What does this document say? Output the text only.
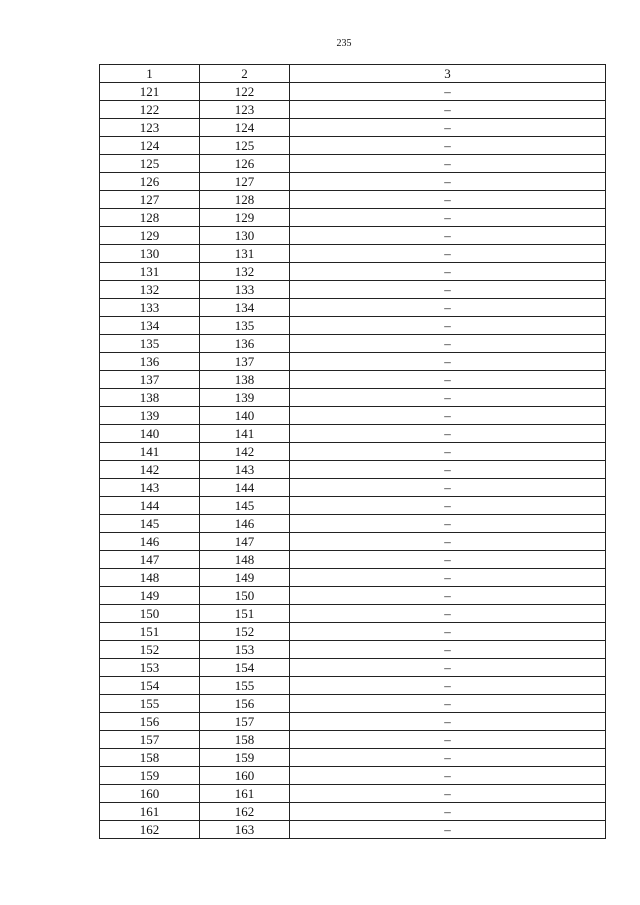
235
1	2	3
121	122	–
122	123	–
123	124	–
124	125	–
125	126	–
126	127	–
127	128	–
128	129	–
129	130	–
130	131	–
131	132	–
132	133	–
133	134	–
134	135	–
135	136	–
136	137	–
137	138	–
138	139	–
139	140	–
140	141	–
141	142	–
142	143	–
143	144	–
144	145	–
145	146	–
146	147	–
147	148	–
148	149	–
149	150	–
150	151	–
151	152	–
152	153	–
153	154	–
154	155	–
155	156	–
156	157	–
157	158	–
158	159	–
159	160	–
160	161	–
161	162	–
162	163	–
